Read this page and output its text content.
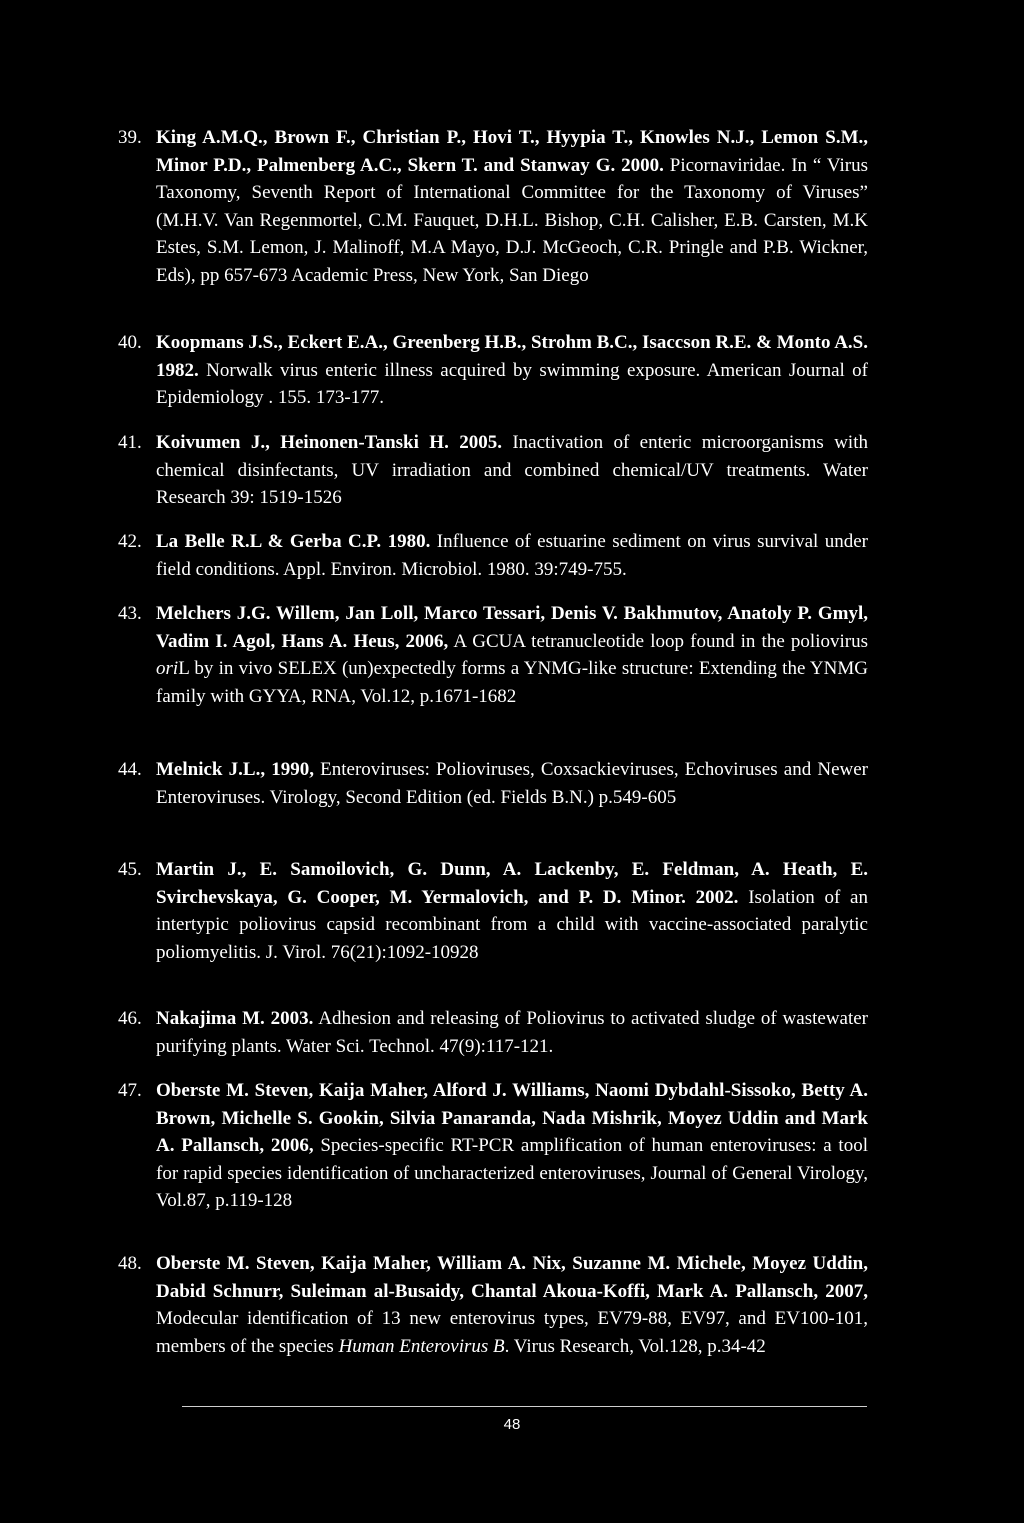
39. King A.M.Q., Brown F., Christian P., Hovi T., Hyypia T., Knowles N.J., Lemon S.M., Minor P.D., Palmenberg A.C., Skern T. and Stanway G. 2000. Picornaviridae. In “ Virus Taxonomy, Seventh Report of International Committee for the Taxonomy of Viruses” (M.H.V. Van Regenmortel, C.M. Fauquet, D.H.L. Bishop, C.H. Calisher, E.B. Carsten, M.K Estes, S.M. Lemon, J. Malinoff, M.A Mayo, D.J. McGeoch, C.R. Pringle and P.B. Wickner, Eds), pp 657-673 Academic Press, New York, San Diego
40. Koopmans J.S., Eckert E.A., Greenberg H.B., Strohm B.C., Isaccson R.E. & Monto A.S. 1982. Norwalk virus enteric illness acquired by swimming exposure. American Journal of Epidemiology . 155. 173-177.
41. Koivumen J., Heinonen-Tanski H. 2005. Inactivation of enteric microorganisms with chemical disinfectants, UV irradiation and combined chemical/UV treatments. Water Research 39: 1519-1526
42. La Belle R.L & Gerba C.P. 1980. Influence of estuarine sediment on virus survival under field conditions. Appl. Environ. Microbiol. 1980. 39:749-755.
43. Melchers J.G. Willem, Jan Loll, Marco Tessari, Denis V. Bakhmutov, Anatoly P. Gmyl, Vadim I. Agol, Hans A. Heus, 2006, A GCUA tetranucleotide loop found in the poliovirus oriL by in vivo SELEX (un)expectedly forms a YNMG-like structure: Extending the YNMG family with GYYA, RNA, Vol.12, p.1671-1682
44. Melnick J.L., 1990, Enteroviruses: Polioviruses, Coxsackieviruses, Echoviruses and Newer Enteroviruses. Virology, Second Edition (ed. Fields B.N.) p.549-605
45. Martin J., E. Samoilovich, G. Dunn, A. Lackenby, E. Feldman, A. Heath, E. Svirchevskaya, G. Cooper, M. Yermalovich, and P. D. Minor. 2002. Isolation of an intertypic poliovirus capsid recombinant from a child with vaccine-associated paralytic poliomyelitis. J. Virol. 76(21):1092-10928
46. Nakajima M. 2003. Adhesion and releasing of Poliovirus to activated sludge of wastewater purifying plants. Water Sci. Technol. 47(9):117-121.
47. Oberste M. Steven, Kaija Maher, Alford J. Williams, Naomi Dybdahl-Sissoko, Betty A. Brown, Michelle S. Gookin, Silvia Panaranda, Nada Mishrik, Moyez Uddin and Mark A. Pallansch, 2006, Species-specific RT-PCR amplification of human enteroviruses: a tool for rapid species identification of uncharacterized enteroviruses, Journal of General Virology, Vol.87, p.119-128
48. Oberste M. Steven, Kaija Maher, William A. Nix, Suzanne M. Michele, Moyez Uddin, Dabid Schnurr, Suleiman al-Busaidy, Chantal Akoua-Koffi, Mark A. Pallansch, 2007, Modecular identification of 13 new enterovirus types, EV79-88, EV97, and EV100-101, members of the species Human Enterovirus B. Virus Research, Vol.128, p.34-42
48
